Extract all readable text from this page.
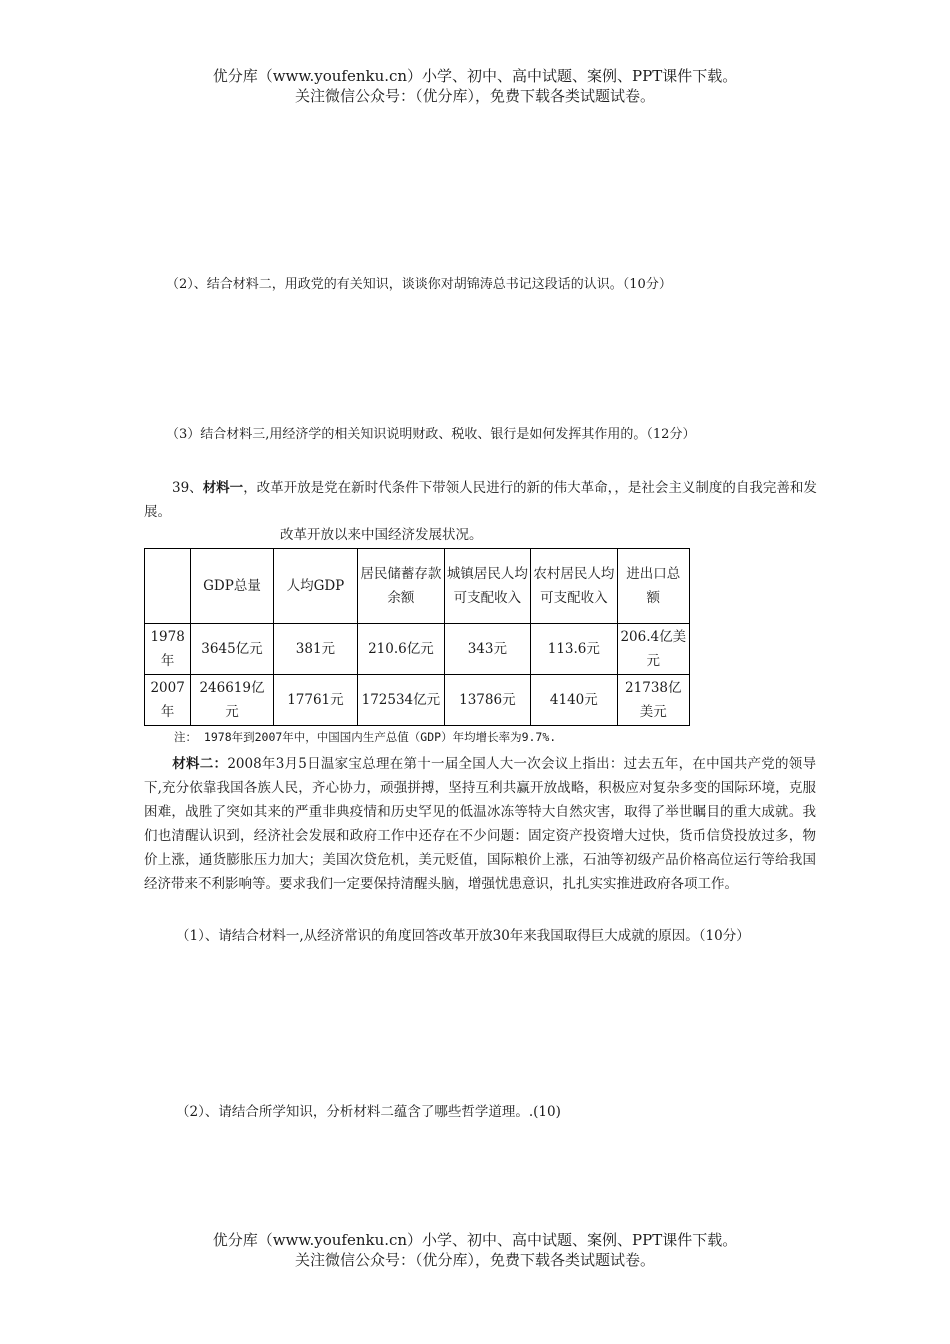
优分库（www.youfenku.cn）小学、初中、高中试题、案例、PPT课件下载。
关注微信公众号：（优分库），免费下载各类试题试卷。
（2）、结合材料二，用政党的有关知识，谈谈你对胡锦涛总书记这段话的认识。（10分）
（3）结合材料三,用经济学的相关知识说明财政、税收、银行是如何发挥其作用的。（12分）
39、材料一，改革开放是党在新时代条件下带领人民进行的新的伟大革命，，是社会主义制度的自我完善和发展。
改革开放以来中国经济发展状况。
	GDP总量	人均GDP	居民储蓄存款余额	城镇居民人均可支配收入	农村居民人均可支配收入	进出口总额
1978年	3645亿元	381元	210.6亿元	343元	113.6元	206.4亿美元
2007年	246619亿元	17761元	172534亿元	13786元	4140元	21738亿美元
注： 1978年到2007年中，中国国内生产总值（GDP）年均增长率为9.7%.
材料二：2008年3月5日温家宝总理在第十一届全国人大一次会议上指出：过去五年，在中国共产党的领导下,充分依靠我国各族人民，齐心协力，顽强拼搏，坚持互利共赢开放战略，积极应对复杂多变的国际环境，克服困难，战胜了突如其来的严重非典疫情和历史罕见的低温冰冻等特大自然灾害，取得了举世瞩目的重大成就。我们也清醒认识到，经济社会发展和政府工作中还存在不少问题：固定资产投资增大过快，货币信贷投放过多，物价上涨，通货膨胀压力加大；美国次贷危机，美元贬值，国际粮价上涨，石油等初级产品价格高位运行等给我国经济带来不利影响等。要求我们一定要保持清醒头脑，增强忧患意识，扎扎实实推进政府各项工作。
（1）、请结合材料一,从经济常识的角度回答改革开放30年来我国取得巨大成就的原因。（10分）
（2）、请结合所学知识，分析材料二蕴含了哪些哲学道理。.(10)
优分库（www.youfenku.cn）小学、初中、高中试题、案例、PPT课件下载。
关注微信公众号：（优分库），免费下载各类试题试卷。
